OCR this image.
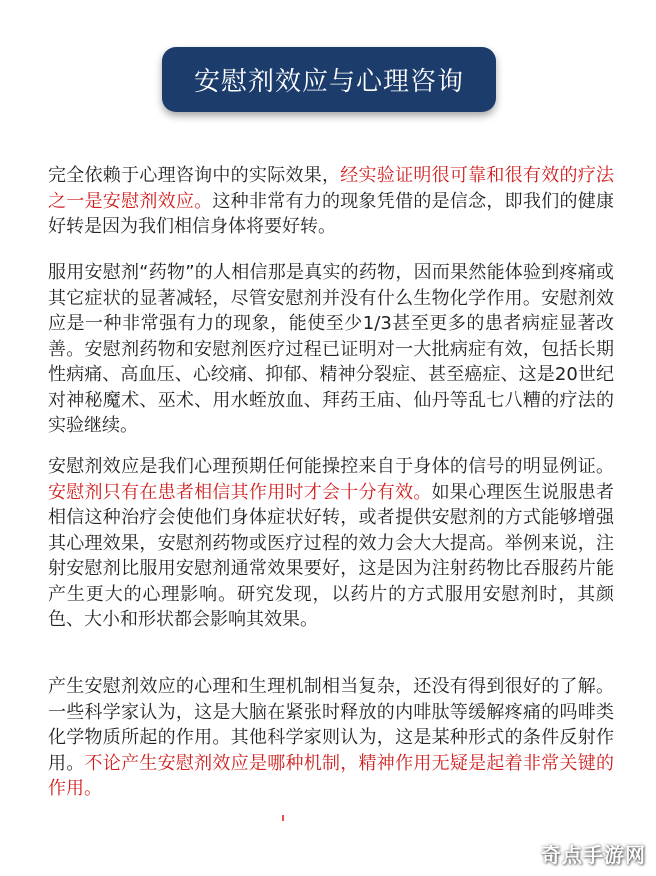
安慰剂效应与心理咨询

完全依赖于心理咨询中的实际效果，经实验证明很可靠和很有效的疗法之一是安慰剂效应。这种非常有力的现象凭借的是信念，即我们的健康好转是因为我们相信身体将要好转。

服用安慰剂“药物”的人相信那是真实的药物，因而果然能体验到疼痛或其它症状的显著减轻，尽管安慰剂并没有什么生物化学作用。安慰剂效应是一种非常强有力的现象，能使至少1/3甚至更多的患者病症显著改善。安慰剂药物和安慰剂医疗过程已证明对一大批病症有效，包括长期性病痛、高血压、心绞痛、抑郁、精神分裂症、甚至癌症、这是20世纪对神秘魔术、巫术、用水蛭放血、拜药王庙、仙丹等乱七八糟的疗法的实验继续。

安慰剂效应是我们心理预期任何能操控来自于身体的信号的明显例证。安慰剂只有在患者相信其作用时才会十分有效。如果心理医生说服患者相信这种治疗会使他们身体症状好转，或者提供安慰剂的方式能够增强其心理效果，安慰剂药物或医疗过程的效力会大大提高。举例来说，注射安慰剂比服用安慰剂通常效果要好，这是因为注射药物比吞服药片能产生更大的心理影响。研究发现，以药片的方式服用安慰剂时，其颜色、大小和形状都会影响其效果。

产生安慰剂效应的心理和生理机制相当复杂，还没有得到很好的了解。一些科学家认为，这是大脑在紧张时释放的内啡肽等缓解疼痛的吗啡类化学物质所起的作用。其他科学家则认为，这是某种形式的条件反射作用。不论产生安慰剂效应是哪种机制，精神作用无疑是起着非常关键的作用。

奇点手游网
